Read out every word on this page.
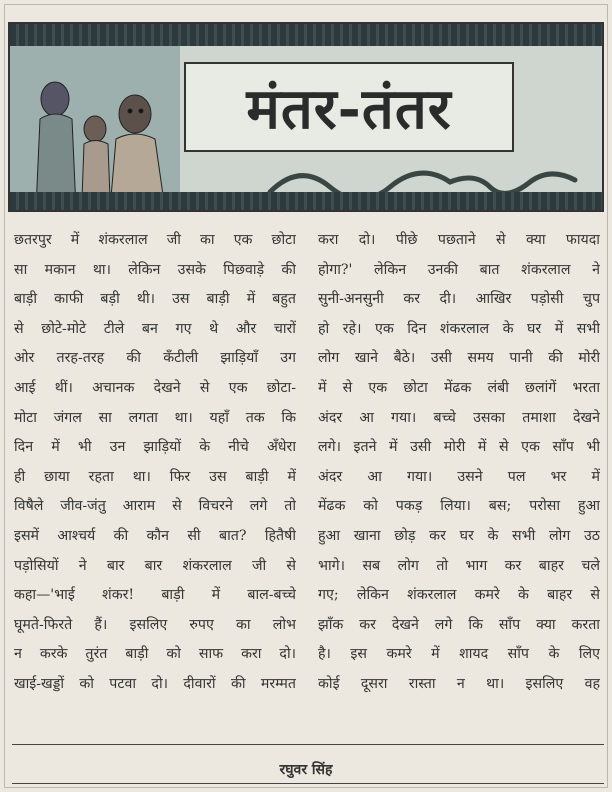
मंतर-तंतर
छतरपुर में शंकरलाल जी का एक छोटा
सा मकान था। लेकिन उसके पिछवाड़े की
बाड़ी काफी बड़ी थी। उस बाड़ी में बहुत
से छोटे-मोटे टीले बन गए थे और चारों
ओर तरह-तरह की कँटीली झाड़ियाँ उग
आई थीं। अचानक देखने से एक छोटा-
मोटा जंगल सा लगता था। यहाँ तक कि
दिन में भी उन झाड़ियों के नीचे अँधेरा
ही छाया रहता था। फिर उस बाड़ी में
विषैले जीव-जंतु आराम से विचरने लगे तो
इसमें आश्चर्य की कौन सी बात? हितैषी
पड़ोसियों ने बार बार शंकरलाल जी से
कहा—'भाई शंकर! बाड़ी में बाल-बच्चे
घूमते-फिरते हैं। इसलिए रुपए का लोभ
न करके तुरंत बाड़ी को साफ करा दो।
खाई-खड्डों को पटवा दो। दीवारों की मरम्मत
करा दो। पीछे पछताने से क्या फायदा
होगा?' लेकिन उनकी बात शंकरलाल ने
सुनी-अनसुनी कर दी। आखिर पड़ोसी चुप
हो रहे। एक दिन शंकरलाल के घर में सभी
लोग खाने बैठे। उसी समय पानी की मोरी
में से एक छोटा मेंढक लंबी छलांगें भरता
अंदर आ गया। बच्चे उसका तमाशा देखने
लगे। इतने में उसी मोरी में से एक साँप भी
अंदर आ गया। उसने पल भर में
मेंढक को पकड़ लिया। बस; परोसा हुआ
हुआ खाना छोड़ कर घर के सभी लोग उठ
भागे। सब लोग तो भाग कर बाहर चले
गए; लेकिन शंकरलाल कमरे के बाहर से
झाँक कर देखने लगे कि साँप क्या करता
है। इस कमरे में शायद साँप के लिए
कोई दूसरा रास्ता न था। इसलिए वह
रघुवर सिंह
